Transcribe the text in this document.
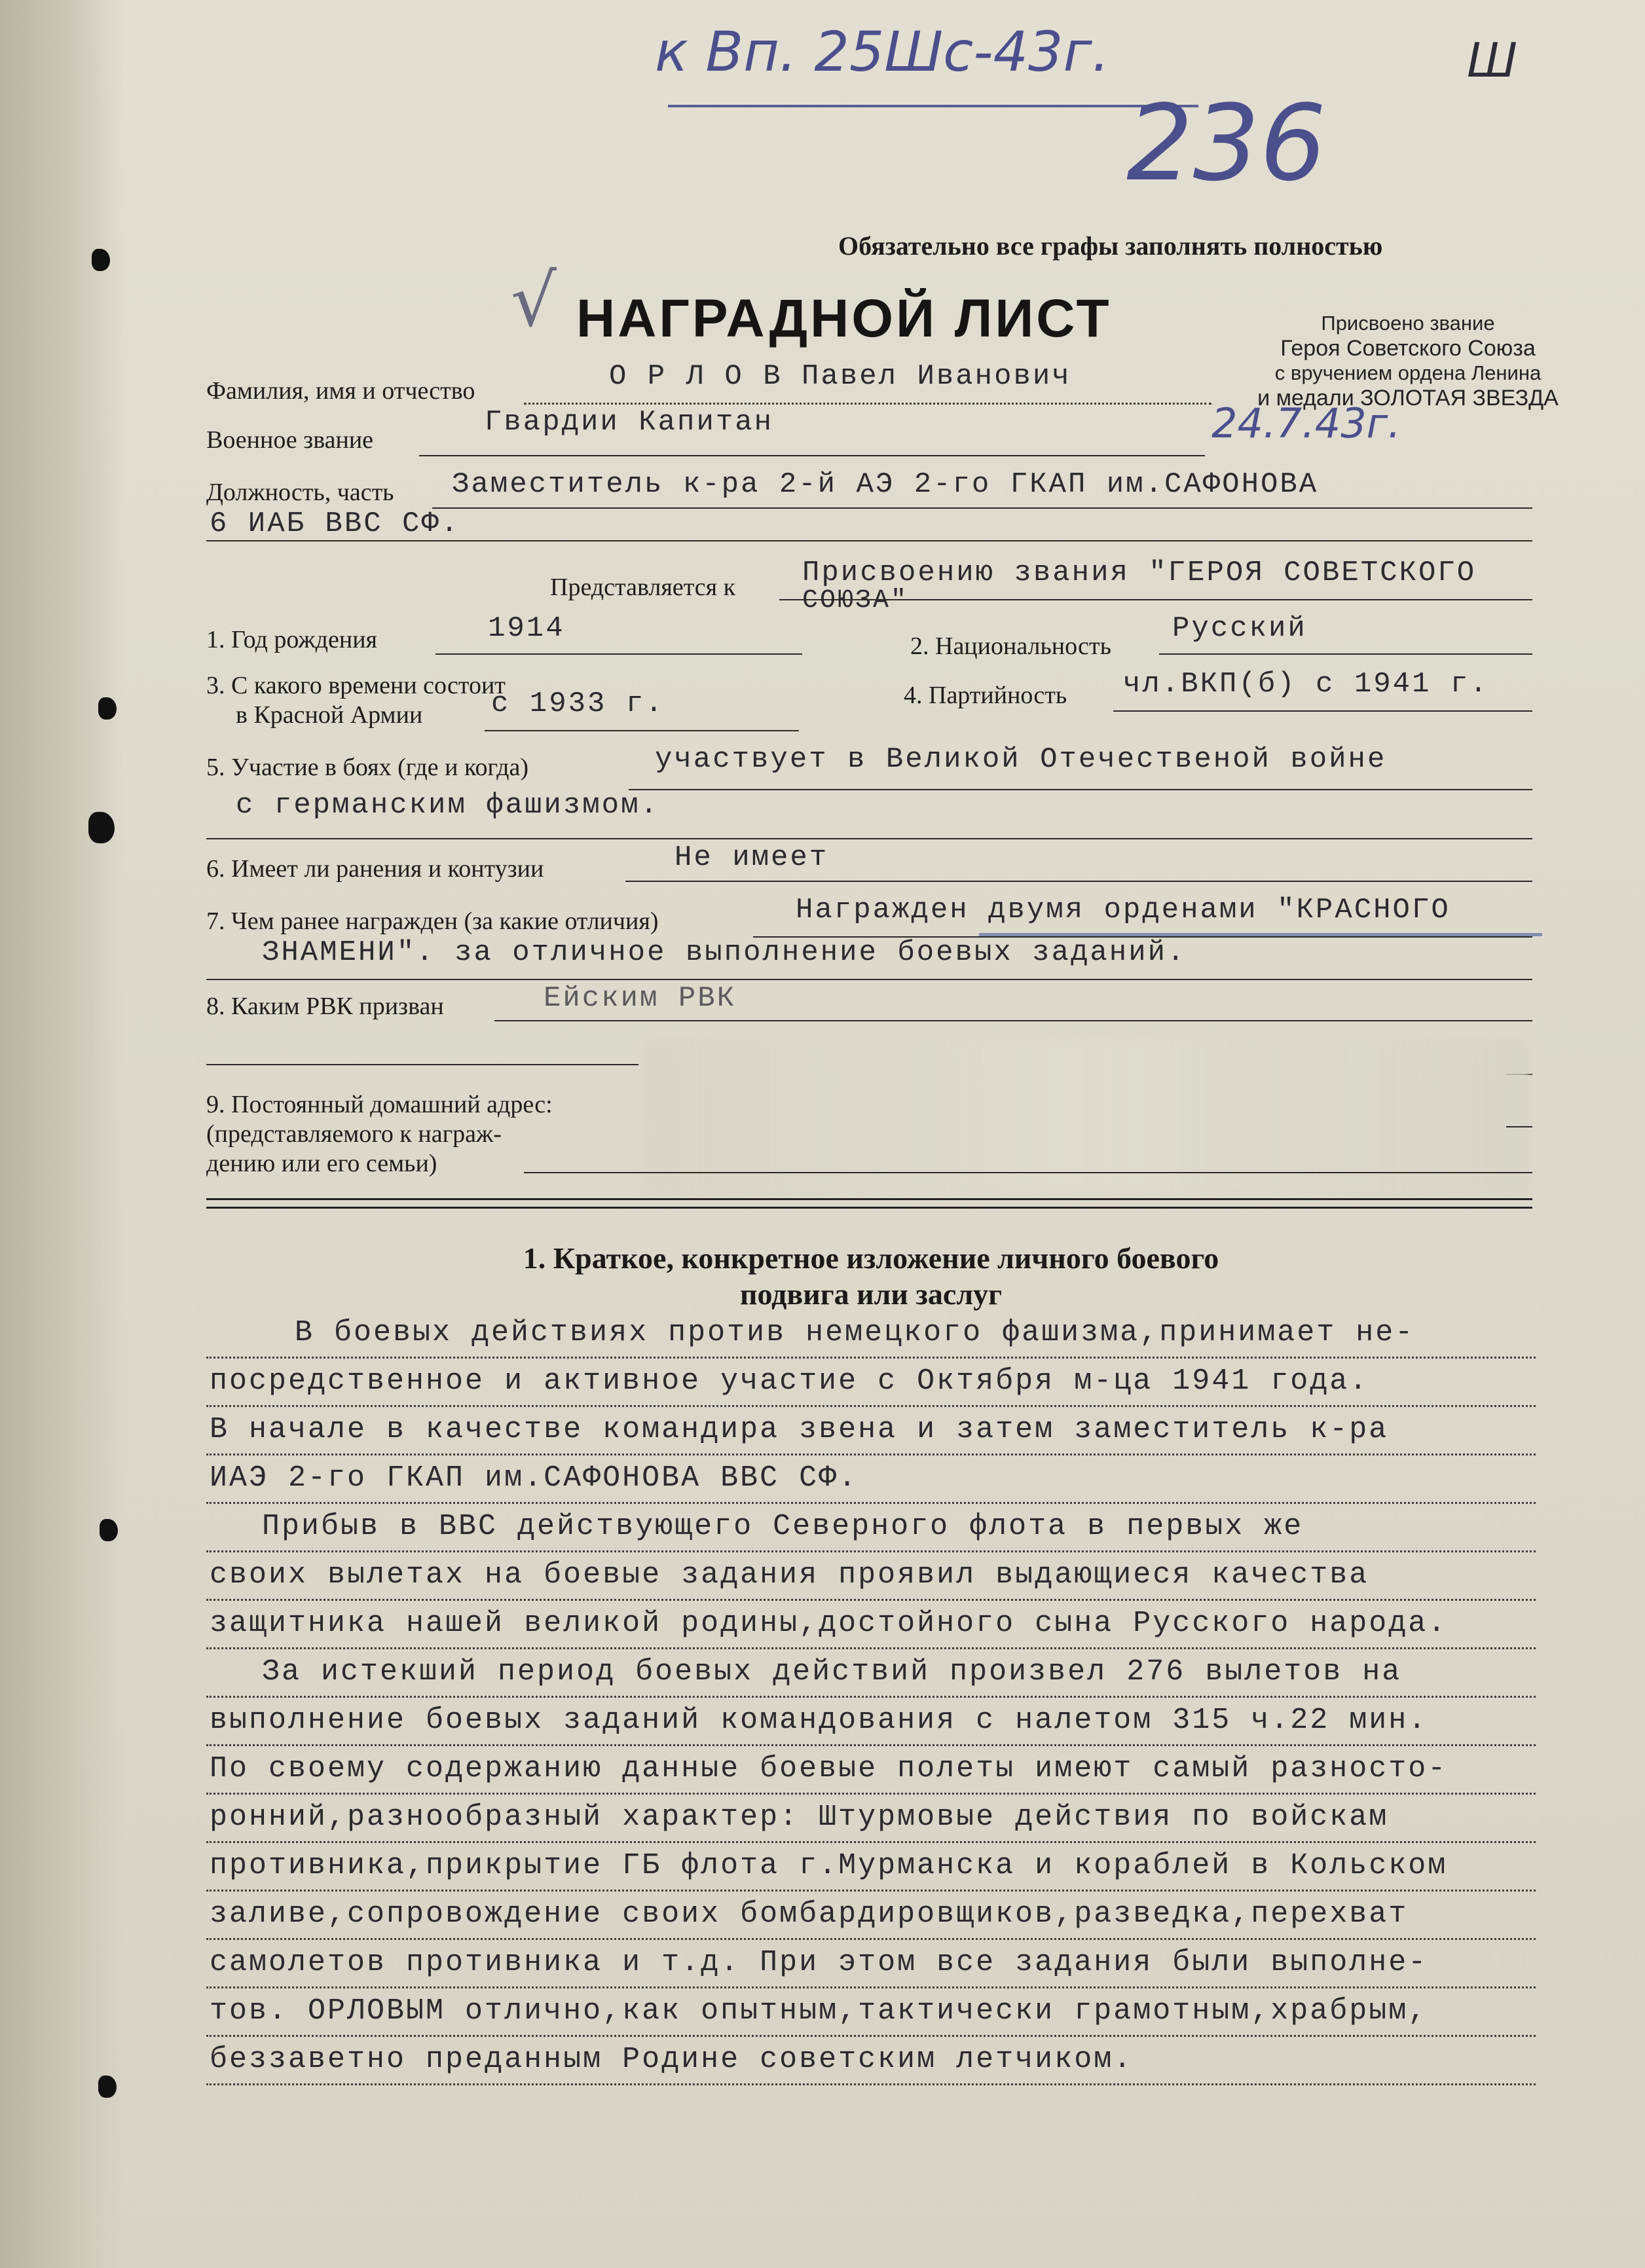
к Вп. 25Шс-43г.	Ш
236
√
Обязательно все графы заполнять полностью
НАГРАДНОЙ ЛИСТ	Присвоено звание
Героя Советского Союза
с вручением ордена Ленина
и медали ЗОЛОТАЯ ЗВЕЗДА
Фамилия, имя и отчество	О Р Л О В Павел Иванович
24.7.43г.
Военное звание
Гвардии Капитан
Должность, часть Заместитель к-ра 2-й АЭ 2-го ГКАП им.САФОНОВА
6 ИАБ ВВС СФ.
Представляется к Присвоению звания "ГЕРОЯ СОВЕТСКОГО
СОЮЗА"
1. Год рождения	1914
2. Национальность
Русский
3. С какого времени состоит
в Красной Армии с 1933 г.	4. Партийность чл.ВКП(б) с 1941 г.
5. Участие в боях (где и когда)	участвует в Великой Отечественой войне
с германским фашизмом.
6. Имеет ли ранения и контузии	Не имеет
7. Чем ранее награжден (за какие отличия)	Награжден двумя орденами "КРАСНОГО
ЗНАМЕНИ". за отличное выполнение боевых заданий.
8. Каким РВК призван	Ейским РВК
9. Постоянный домашний адрес:
(представляемого к награж-
дению или его семьи)
1. Краткое, конкретное изложение личного боевого
подвига или заслуг
В боевых действиях против немецкого фашизма,принимает не-
посредственное и активное участие с Октября м-ца 1941 года.
В начале в качестве командира звена и затем заместитель к-ра
ИАЭ 2-го ГКАП им.САФОНОВА ВВС СФ.
Прибыв в ВВС действующего Северного флота в первых же
своих вылетах на боевые задания проявил выдающиеся качества
защитника нашей великой родины,достойного сына Русского народа.
За истекший период боевых действий произвел 276 вылетов на
выполнение боевых заданий командования с налетом 315 ч.22 мин.
По своему содержанию данные боевые полеты имеют самый разносто-
ронний,разнообразный характер: Штурмовые действия по войскам
противника,прикрытие ГБ флота г.Мурманска и кораблей в Кольском
заливе,сопровождение своих бомбардировщиков,разведка,перехват
самолетов противника и т.д. При этом все задания были выполне-
тов. ОРЛОВЫМ отлично,как опытным,тактически грамотным,храбрым,
беззаветно преданным Родине советским летчиком.
